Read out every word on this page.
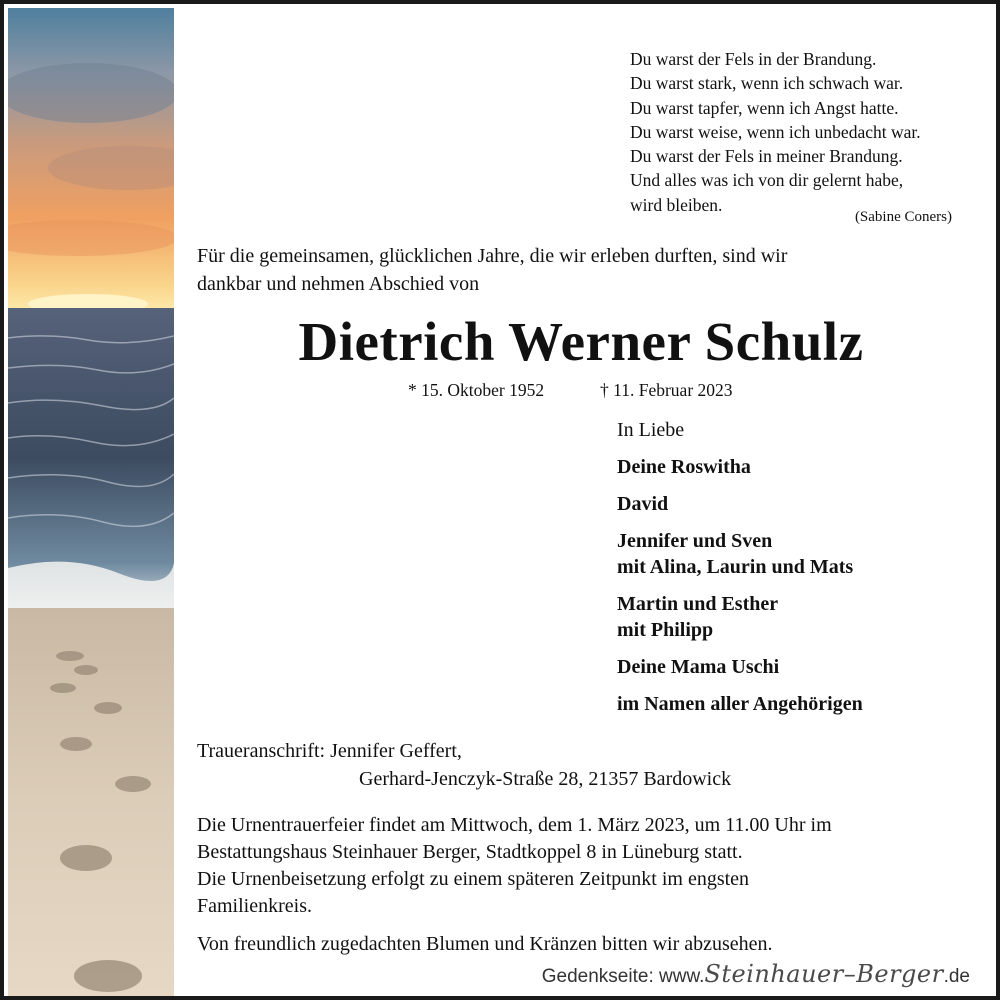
Du warst der Fels in der Brandung.
Du warst stark, wenn ich schwach war.
Du warst tapfer, wenn ich Angst hatte.
Du warst weise, wenn ich unbedacht war.
Du warst der Fels in meiner Brandung.
Und alles was ich von dir gelernt habe,
wird bleiben.
(Sabine Coners)
Für die gemeinsamen, glücklichen Jahre, die wir erleben durften, sind wir
dankbar und nehmen Abschied von
Dietrich Werner Schulz
* 15. Oktober 1952	† 11. Februar 2023
In Liebe
Deine Roswitha
David
Jennifer und Sven
mit Alina, Laurin und Mats
Martin und Esther
mit Philipp
Deine Mama Uschi
im Namen aller Angehörigen
Traueranschrift: Jennifer Geffert,
Gerhard-Jenczyk-Straße 28, 21357 Bardowick
Die Urnentrauerfeier findet am Mittwoch, dem 1. März 2023, um 11.00 Uhr im
Bestattungshaus Steinhauer Berger, Stadtkoppel 8 in Lüneburg statt.
Die Urnenbeisetzung erfolgt zu einem späteren Zeitpunkt im engsten
Familienkreis.
Von freundlich zugedachten Blumen und Kränzen bitten wir abzusehen.
Gedenkseite: www.Steinhauer–Berger.de
